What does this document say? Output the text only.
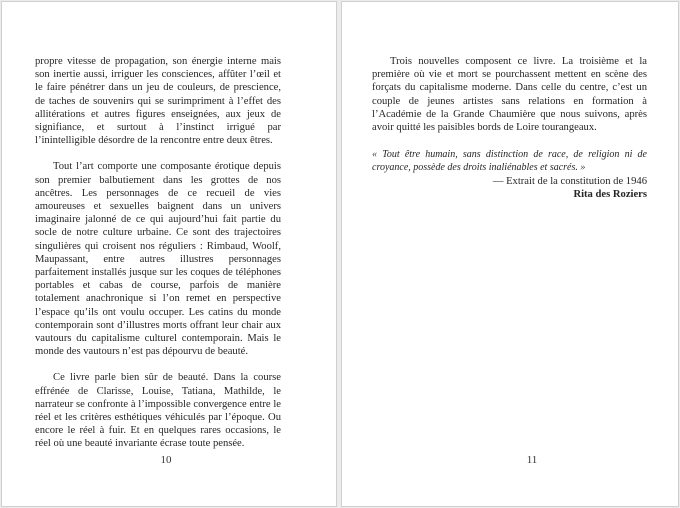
propre vitesse de propagation, son énergie interne mais son inertie aussi, irriguer les consciences, affûter l’œil et le faire pénétrer dans un jeu de couleurs, de prescience, de taches de souvenirs qui se surimpriment à l’effet des allitérations et autres figures enseignées, aux jeux de signifiance, et surtout à l’instinct irrigué par l’inintelligible désordre de la rencontre entre deux êtres.

Tout l’art comporte une composante érotique depuis son premier balbutiement dans les grottes de nos ancêtres. Les personnages de ce recueil de vies amoureuses et sexuelles baignent dans un univers imaginaire jalonné de ce qui aujourd’hui fait partie du socle de notre culture urbaine. Ce sont des trajectoires singulières qui croisent nos réguliers : Rimbaud, Woolf, Maupassant, entre autres illustres personnages parfaitement installés jusque sur les coques de téléphones portables et cabas de course, parfois de manière totalement anachronique si l’on remet en perspective l’espace qu’ils ont voulu occuper. Les catins du monde contemporain sont d’illustres morts offrant leur chair aux vautours du capitalisme culturel contemporain. Mais le monde des vautours n’est pas dépourvu de beauté.

Ce livre parle bien sûr de beauté. Dans la course effrénée de Clarisse, Louise, Tatiana, Mathilde, le narrateur se confronte à l’impossible convergence entre le réel et les critères esthétiques véhiculés par l’époque. Ou encore le réel à fuir. Et en quelques rares occasions, le réel où une beauté invariante écrase toute pensée.

10

Trois nouvelles composent ce livre. La troisième et la première où vie et mort se pourchassent mettent en scène des forçats du capitalisme moderne. Dans celle du centre, c’est un couple de jeunes artistes sans relations en formation à l’Académie de la Grande Chaumière que nous suivons, après avoir quitté les paisibles bords de Loire tourangeaux.

« Tout être humain, sans distinction de race, de religion ni de croyance, possède des droits inaliénables et sacrés. »

— Extrait de la constitution de 1946

Rita des Roziers

11
